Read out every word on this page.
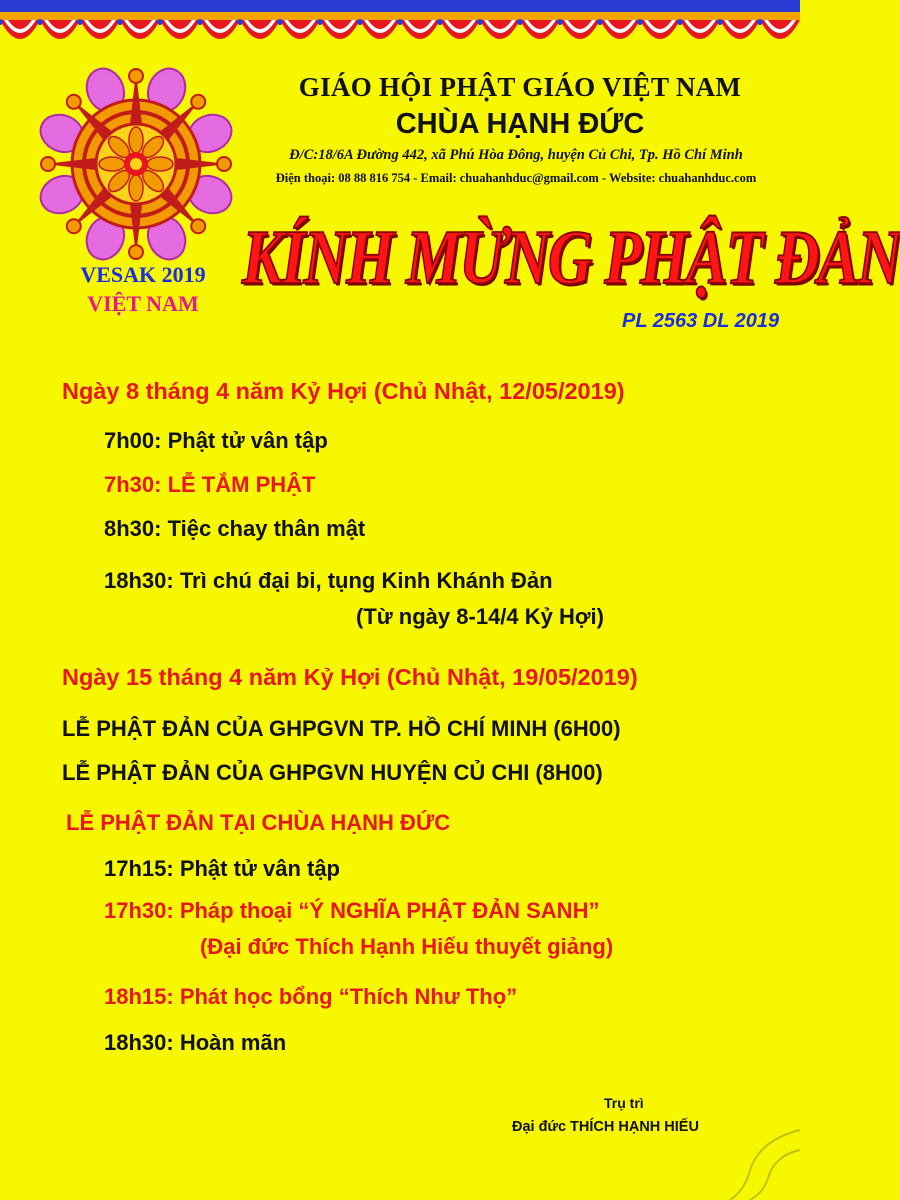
VESAK 2019
VIỆT NAM
GIÁO HỘI PHẬT GIÁO VIỆT NAM
CHÙA HẠNH ĐỨC
Đ/C:18/6A Đường 442, xã Phú Hòa Đông, huyện Củ Chi, Tp. Hồ Chí Minh
Điện thoại: 08 88 816 754 - Email: chuahanhduc@gmail.com - Website: chuahanhduc.com
KÍNH MỪNG PHẬT ĐẢN
PL 2563 DL 2019
Ngày 8 tháng 4 năm Kỷ Hợi (Chủ Nhật, 12/05/2019)
7h00: Phật tử vân tập
7h30: LỄ TẮM PHẬT
8h30: Tiệc chay thân mật
18h30: Trì chú đại bi, tụng Kinh Khánh Đản
(Từ ngày 8-14/4 Kỷ Hợi)
Ngày 15 tháng 4 năm Kỷ Hợi (Chủ Nhật, 19/05/2019)
LỄ PHẬT ĐẢN CỦA GHPGVN TP. HỒ CHÍ MINH (6H00)
LỄ PHẬT ĐẢN CỦA GHPGVN HUYỆN CỦ CHI (8H00)
LỄ PHẬT ĐẢN TẠI CHÙA HẠNH ĐỨC
17h15: Phật tử vân tập
17h30: Pháp thoại “Ý NGHĨA PHẬT ĐẢN SANH”
(Đại đức Thích Hạnh Hiếu thuyết giảng)
18h15: Phát học bổng “Thích Như Thọ”
18h30: Hoàn mãn
Trụ trì
Đại đức THÍCH HẠNH HIẾU
